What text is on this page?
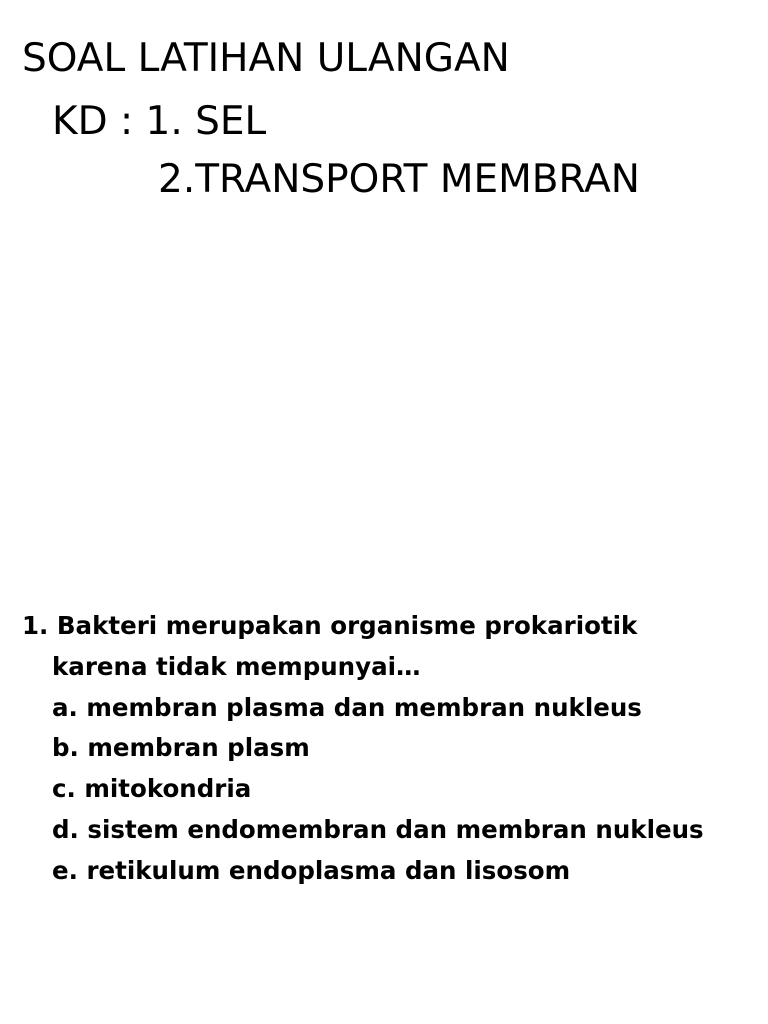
SOAL LATIHAN ULANGAN
KD : 1. SEL
2.TRANSPORT MEMBRAN
1. Bakteri merupakan organisme prokariotik
karena tidak mempunyai…
a. membran plasma dan membran nukleus
b. membran plasm
c. mitokondria
d. sistem endomembran dan membran nukleus
e. retikulum endoplasma dan lisosom
